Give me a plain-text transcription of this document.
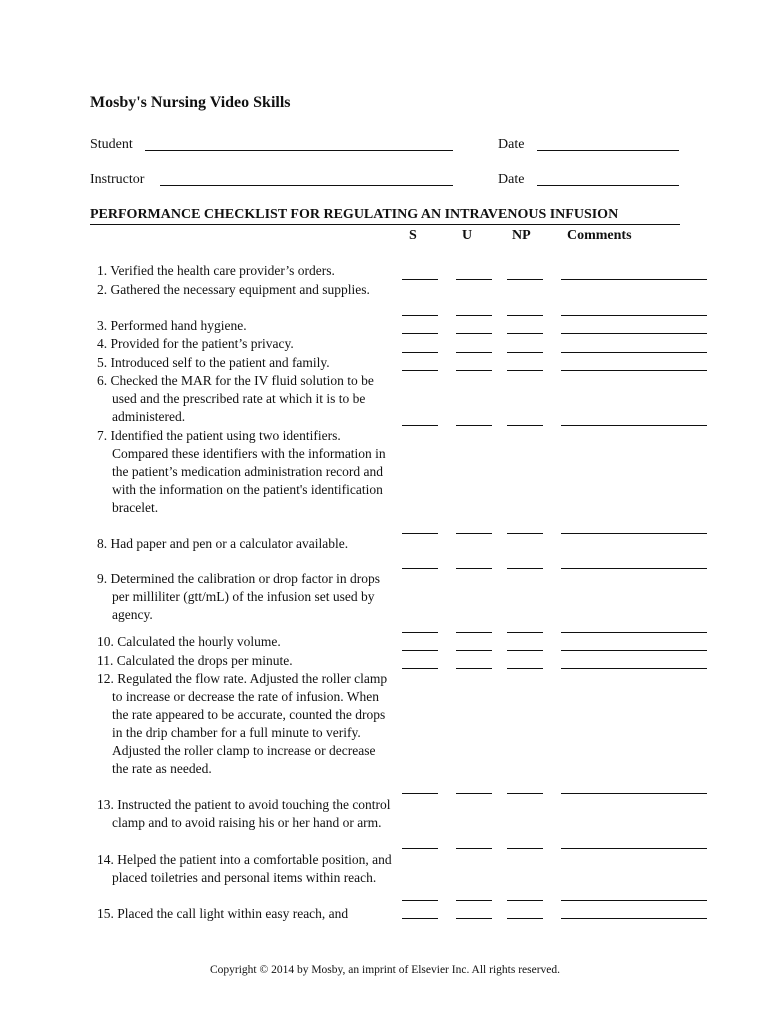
Mosby's Nursing Video Skills
Student	Date
Instructor	Date
PERFORMANCE CHECKLIST FOR REGULATING AN INTRAVENOUS INFUSION
S	U	NP	Comments
1. Verified the health care provider’s orders.
2. Gathered the necessary equipment and supplies.
3. Performed hand hygiene.
4. Provided for the patient’s privacy.
5. Introduced self to the patient and family.
6. Checked the MAR for the IV fluid solution to be used and the prescribed rate at which it is to be administered.
7. Identified the patient using two identifiers. Compared these identifiers with the information in the patient’s medication administration record and with the information on the patient's identification bracelet.
8. Had paper and pen or a calculator available.
9. Determined the calibration or drop factor in drops per milliliter (gtt/mL) of the infusion set used by agency.
10. Calculated the hourly volume.
11. Calculated the drops per minute.
12. Regulated the flow rate. Adjusted the roller clamp to increase or decrease the rate of infusion. When the rate appeared to be accurate, counted the drops in the drip chamber for a full minute to verify. Adjusted the roller clamp to increase or decrease the rate as needed.
13. Instructed the patient to avoid touching the control clamp and to avoid raising his or her hand or arm.
14. Helped the patient into a comfortable position, and placed toiletries and personal items within reach.
15. Placed the call light within easy reach, and
Copyright © 2014 by Mosby, an imprint of Elsevier Inc. All rights reserved.
